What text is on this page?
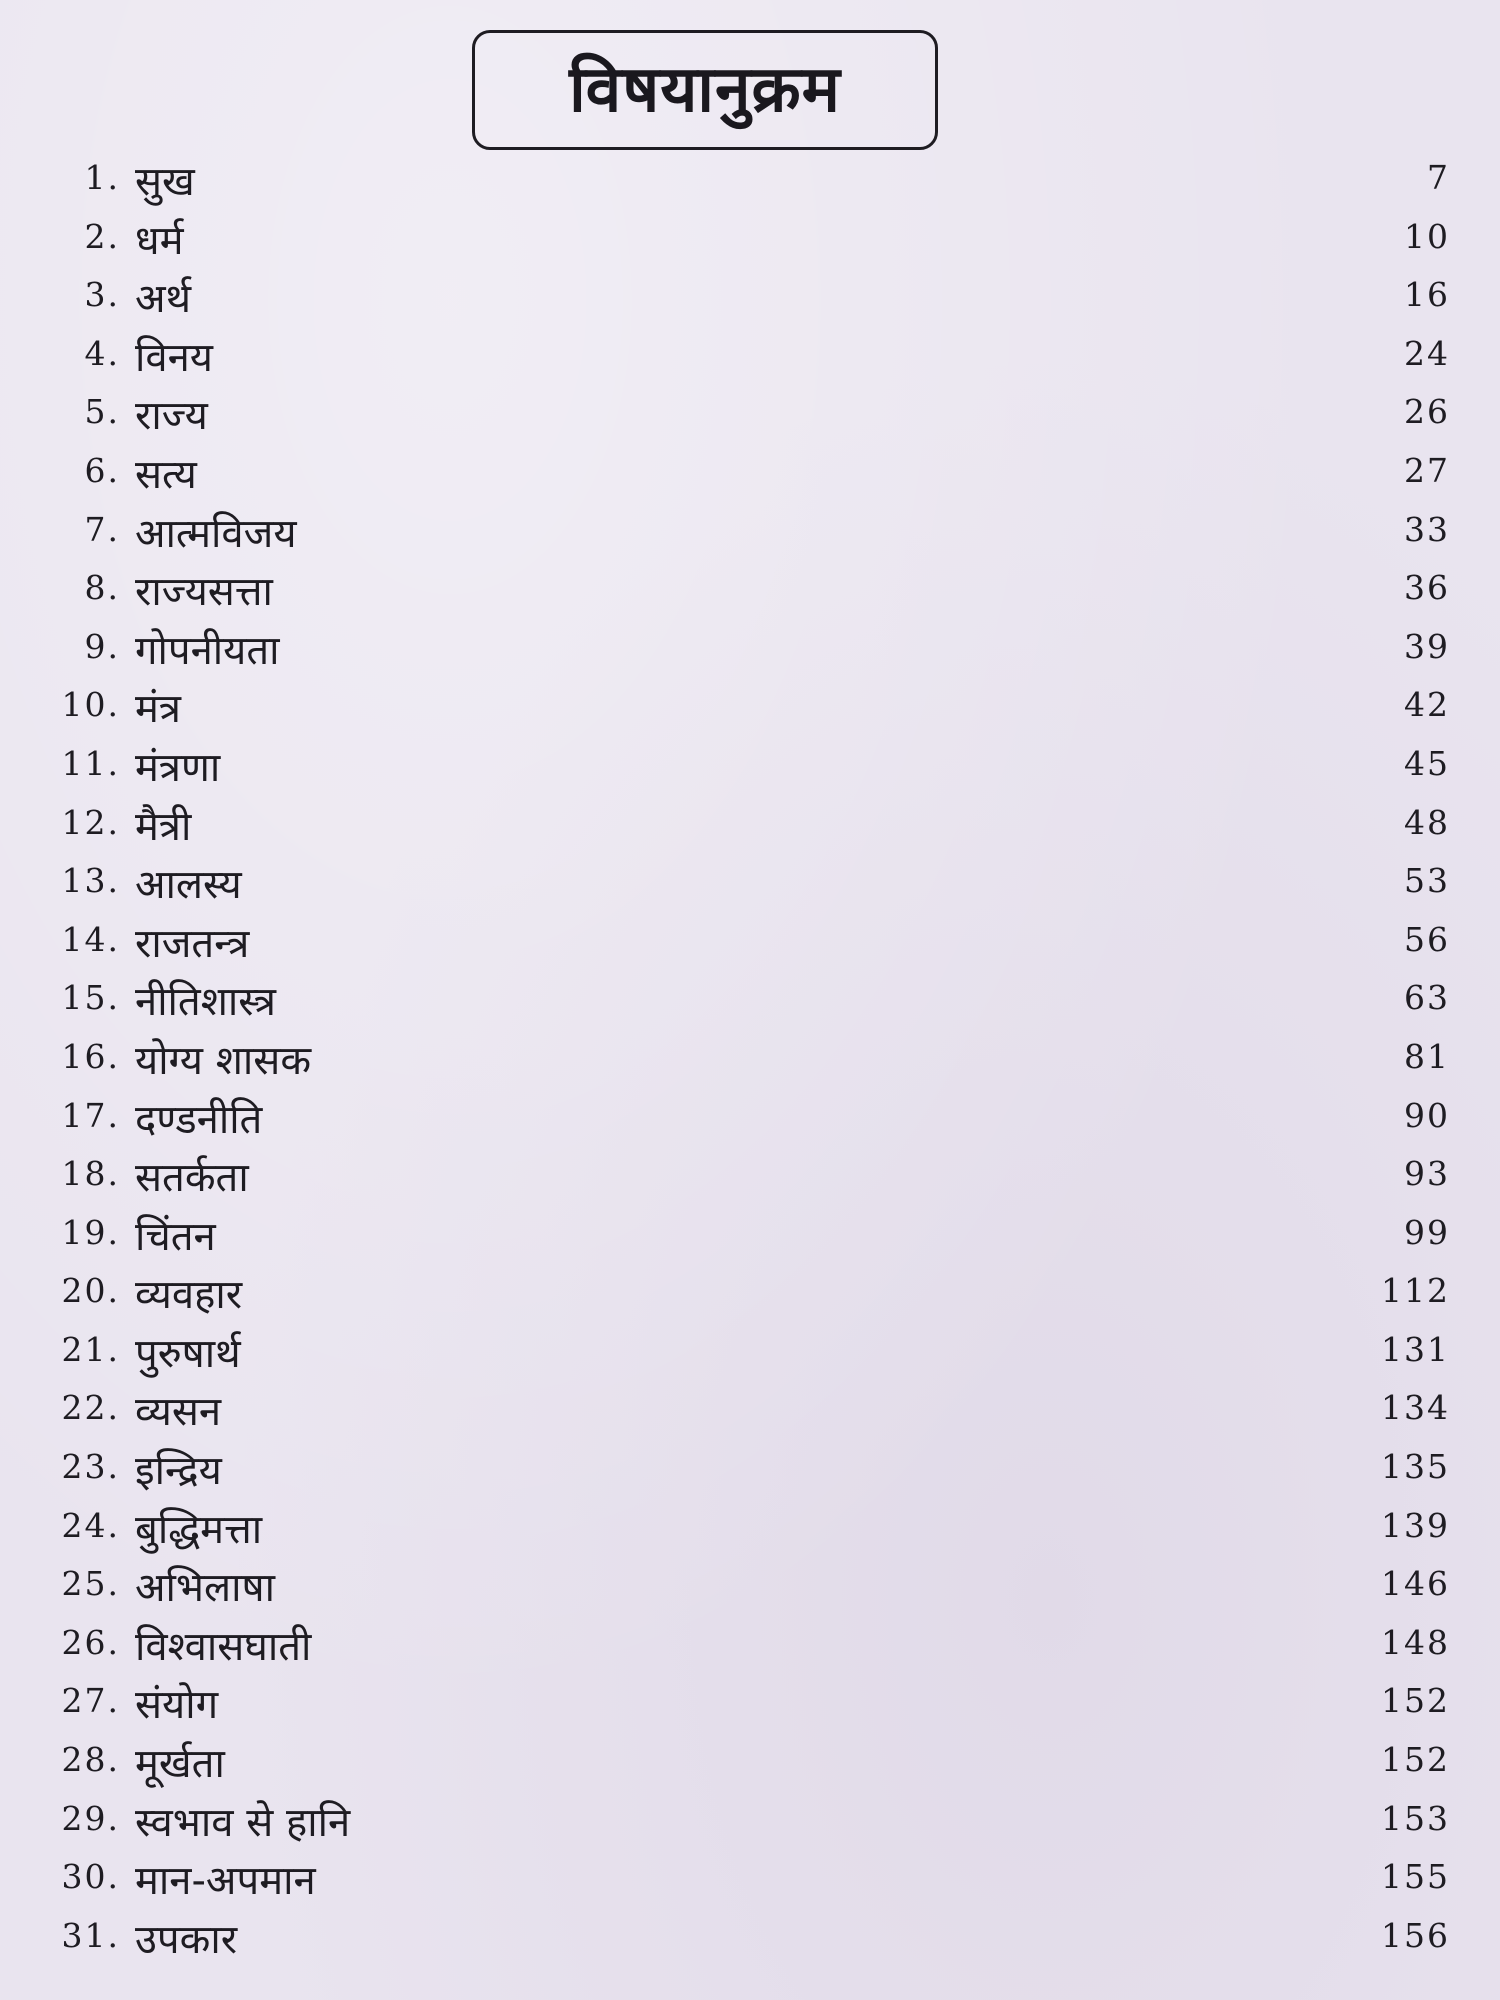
विषयानुक्रम
1. सुख	7
2. धर्म	10
3. अर्थ	16
4. विनय	24
5. राज्य	26
6. सत्य	27
7. आत्मविजय	33
8. राज्यसत्ता	36
9. गोपनीयता	39
10. मंत्र	42
11. मंत्रणा	45
12. मैत्री	48
13. आलस्य	53
14. राजतन्त्र	56
15. नीतिशास्त्र	63
16. योग्य शासक	81
17. दण्डनीति	90
18. सतर्कता	93
19. चिंतन	99
20. व्यवहार	112
21. पुरुषार्थ	131
22. व्यसन	134
23. इन्द्रिय	135
24. बुद्धिमत्ता	139
25. अभिलाषा	146
26. विश्वासघाती	148
27. संयोग	152
28. मूर्खता	152
29. स्वभाव से हानि	153
30. मान-अपमान	155
31. उपकार	156
